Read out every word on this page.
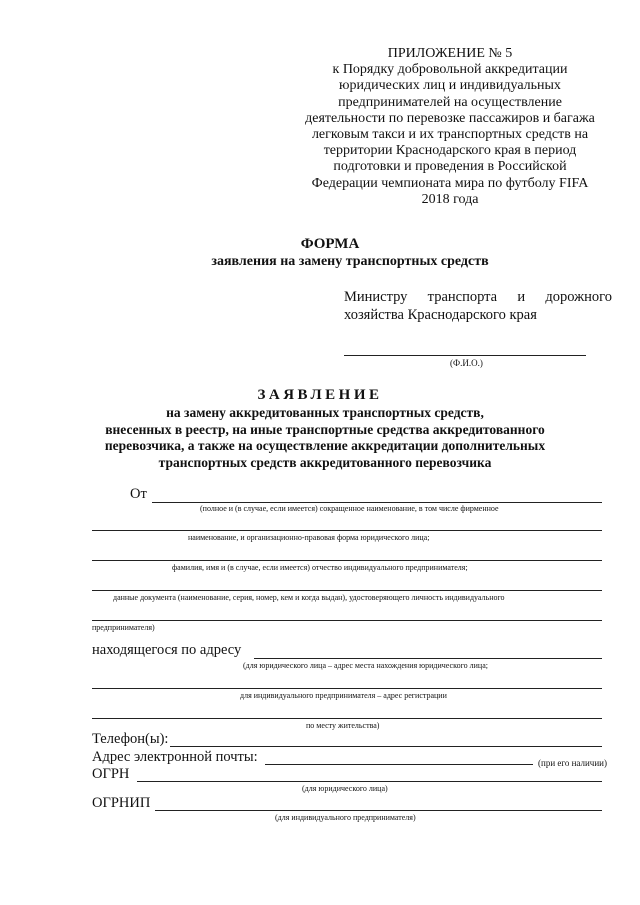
ПРИЛОЖЕНИЕ № 5
к Порядку добровольной аккредитации
юридических лиц и индивидуальных
предпринимателей на осуществление
деятельности по перевозке пассажиров и багажа
легковым такси и их транспортных средств на
территории Краснодарского края в период
подготовки и проведения в Российской
Федерации чемпионата мира по футболу FIFA
2018 года
ФОРМА
заявления на замену транспортных средств
Министру транспорта и дорожного
хозяйства Краснодарского края
(Ф.И.О.)
ЗАЯВЛЕНИЕ
на замену аккредитованных транспортных средств,
внесенных в реестр, на иные транспортные средства аккредитованного
перевозчика, а также на осуществление аккредитации дополнительных
транспортных средств аккредитованного перевозчика
От
(полное и (в случае, если имеется) сокращенное наименование, в том числе фирменное
наименование, и организационно-правовая форма юридического лица;
фамилия, имя и (в случае, если имеется) отчество индивидуального предпринимателя;
данные документа (наименование, серия, номер, кем и когда выдан), удостоверяющего личность индивидуального
предпринимателя)
находящегося по адресу
(для юридического лица – адрес места нахождения юридического лица;
для индивидуального предпринимателя – адрес регистрации
по месту жительства)
Телефон(ы):
Адрес электронной почты:	(при его наличии)
ОГРН
(для юридического лица)
ОГРНИП
(для индивидуального предпринимателя)
